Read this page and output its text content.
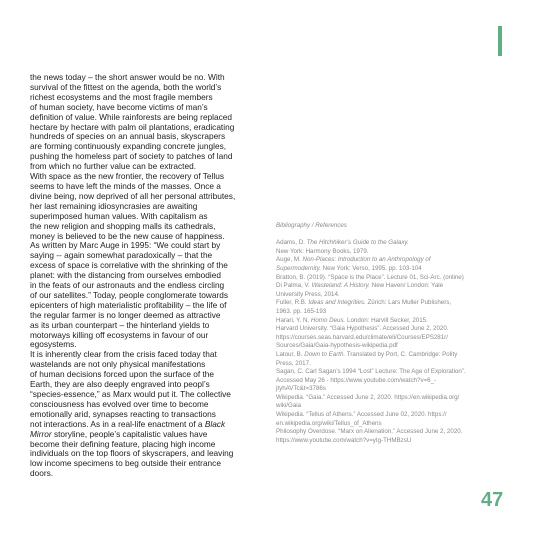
the news today – the short answer would be no. With
survival of the fittest on the agenda, both the world’s
richest ecosystems and the most fragile members
of human society, have become victims of man’s
definition of value. While rainforests are being replaced
hectare by hectare with palm oil plantations, eradicating
hundreds of species on an annual basis, skyscrapers
are forming continuously expanding concrete jungles,
pushing the homeless part of society to patches of land
from which no further value can be extracted.
With space as the new frontier, the recovery of Tellus
seems to have left the minds of the masses. Once a
divine being, now deprived of all her personal attributes,
her last remaining idiosyncrasies are awaiting
superimposed human values. With capitalism as
the new religion and shopping malls its cathedrals,
money is believed to be the new cause of happiness.
As written by Marc Auge in 1995: “We could start by
saying -- again somewhat paradoxically – that the
excess of space is correlative with the shrinking of the
planet: with the distancing from ourselves embodied
in the feats of our astronauts and the endless circling
of our satellites.” Today, people conglomerate towards
epicenters of high materialistic profitability – the life of
the regular farmer is no longer deemed as attractive
as its urban counterpart – the hinterland yields to
motorways killing off ecosystems in favour of our
egosystems.
It is inherently clear from the crisis faced today that
wastelands are not only physical manifestations
of human decisions forced upon the surface of the
Earth, they are also deeply engraved into peopl’s
“species-essence,” as Marx would put it. The collective
consciousness has evolved over time to become
emotionally arid, synapses reacting to transactions
not interactions. As in a real-life enactment of a Black
Mirror storyline, people’s capitalistic values have
become their defining feature, placing high income
individuals on the top floors of skyscrapers, and leaving
low income specimens to beg outside their entrance
doors.
Bibliography / References
Adams, D. The Hitchhiker’s Guide to the Galaxy.
New York: Harmony Books, 1979.
Auge, M. Non-Places: Introduction to an Anthropology of
Supermodernity. New York: Verso, 1995. pp. 103-104
Bratton, B. (2019). “Space is the Place”. Lecture 01, Sci-Arc. (online)
Di Palma, V. Wasteland: A History. New Haven/ London: Yale
University Press, 2014.
Fuller, R.B. Ideas and Integrities. Zürich: Lars Muller Publishers,
1963. pp. 165-193
Harari, Y. N. Homo Deus. London: Harvill Secker, 2015.
Harvard University. “Gaia Hypothesis”. Accessed June 2, 2020.
https://courses.seas.harvard.edu/climate/eli/Courses/EPS281r/
Sources/Gaia/Gaia-hypothesis-wikipedia.pdf
Latour, B. Down to Earth. Translated by Port, C. Cambridge: Polity
Press, 2017.
Sagan, C. Carl Sagan’s 1994 “Lost” Lecture: The Age of Exploration”.
Accessed May 26 - https://www.youtube.com/watch?v=6_-
jtyhAVTc&t=3786s
Wikipedia. “Gaia.” Accessed June 2, 2020. https://en.wikipedia.org/
wiki/Gaia
Wikipedia. “Tellus of Athens.” Accessed June 02, 2020. https://
en.wikipedia.org/wiki/Tellus_of_Athens
Philosophy Overdose. “Marx on Alienation.” Accessed June 2, 2020.
https://www.youtube.com/watch?v=yIg-THMBzsU
47
